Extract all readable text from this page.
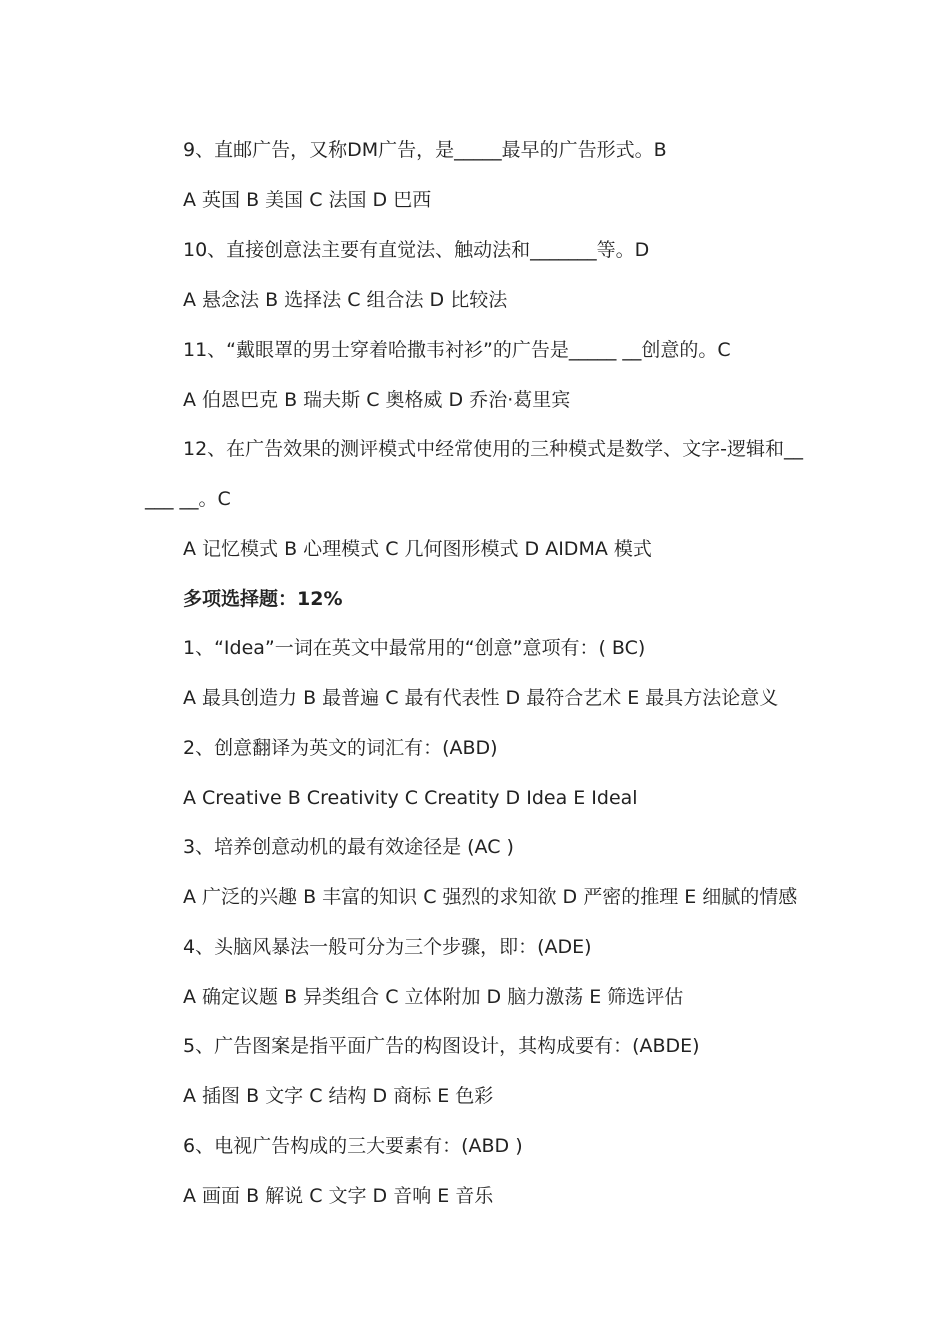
9、直邮广告，又称DM广告，是_____最早的广告形式。B
A 英国 B 美国 C 法国 D 巴西
10、直接创意法主要有直觉法、触动法和_______等。D
A 悬念法 B 选择法 C 组合法 D 比较法
11、“戴眼罩的男士穿着哈撒韦衬衫”的广告是_____ __创意的。C
A 伯恩巴克 B 瑞夫斯 C 奥格威 D 乔治·葛里宾
12、在广告效果的测评模式中经常使用的三种模式是数学、文字-逻辑和__
___ __。C
A 记忆模式 B 心理模式 C 几何图形模式 D AIDMA 模式
多项选择题：12%
1、“Idea”一词在英文中最常用的“创意”意项有：( BC)
A 最具创造力 B 最普遍 C 最有代表性 D 最符合艺术 E 最具方法论意义
2、创意翻译为英文的词汇有：(ABD)
A Creative B Creativity C Creatity D Idea E Ideal
3、培养创意动机的最有效途径是 (AC )
A 广泛的兴趣 B 丰富的知识 C 强烈的求知欲 D 严密的推理 E 细腻的情感
4、头脑风暴法一般可分为三个步骤，即：(ADE)
A 确定议题 B 异类组合 C 立体附加 D 脑力激荡 E 筛选评估
5、广告图案是指平面广告的构图设计，其构成要有：(ABDE)
A 插图 B 文字 C 结构 D 商标 E 色彩
6、电视广告构成的三大要素有：(ABD )
A 画面 B 解说 C 文字 D 音响 E 音乐
